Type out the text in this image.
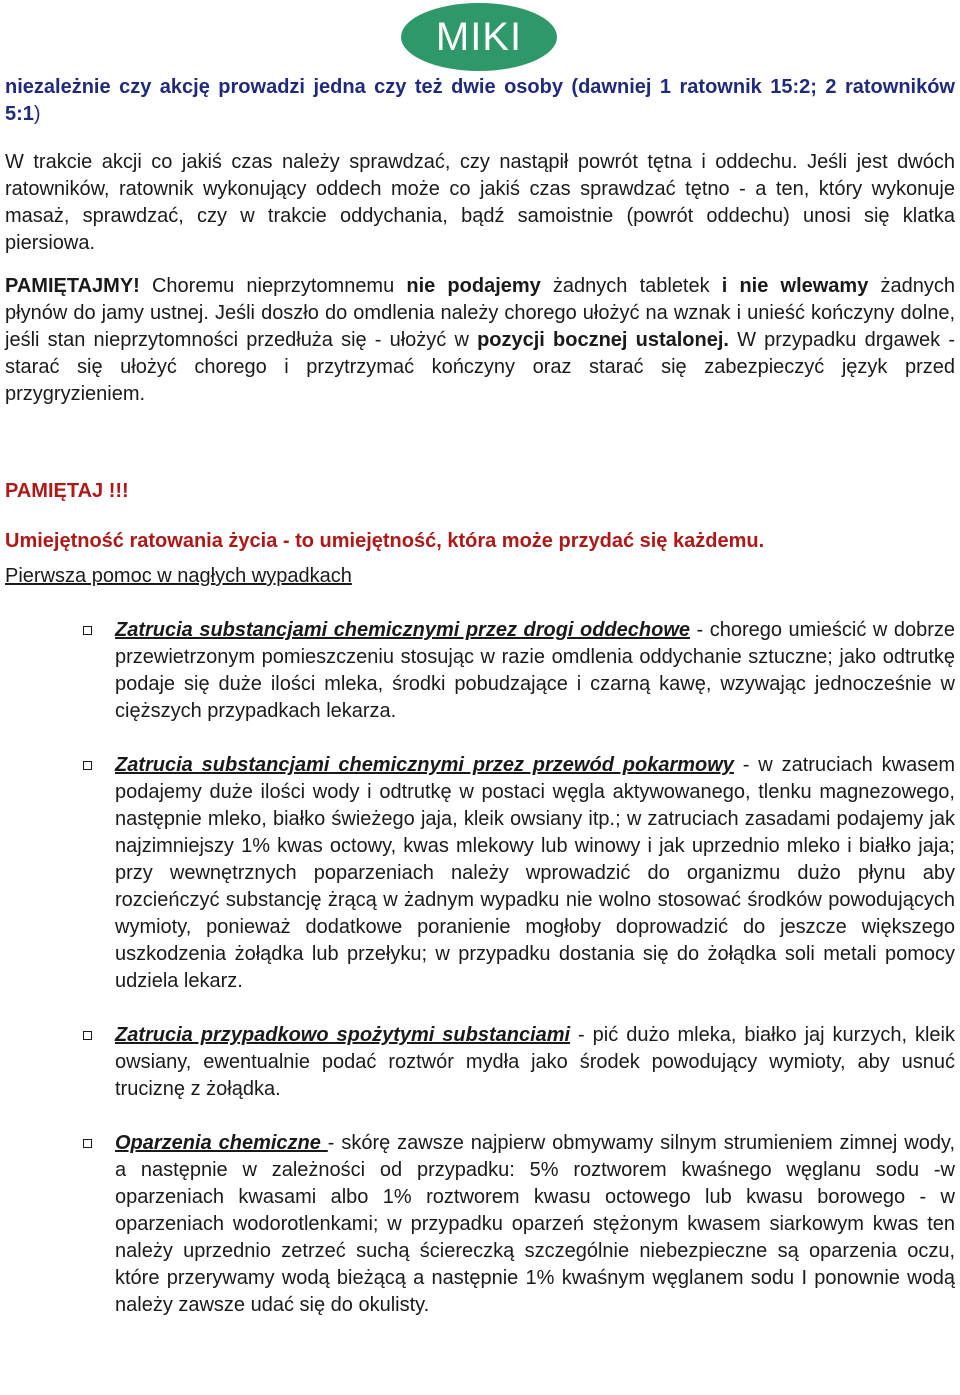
MIKI

niezależnie czy akcję prowadzi jedna czy też dwie osoby (dawniej 1 ratownik 15:2; 2 ratowników 5:1)

W trakcie akcji co jakiś czas należy sprawdzać, czy nastąpił powrót tętna i oddechu. Jeśli jest dwóch ratowników, ratownik wykonujący oddech może co jakiś czas sprawdzać tętno - a ten, który wykonuje masaż, sprawdzać, czy w trakcie oddychania, bądź samoistnie (powrót oddechu) unosi się klatka piersiowa.

PAMIĘTAJMY! Choremu nieprzytomnemu nie podajemy żadnych tabletek i nie wlewamy żadnych płynów do jamy ustnej. Jeśli doszło do omdlenia należy chorego ułożyć na wznak i unieść kończyny dolne, jeśli stan nieprzytomności przedłuża się - ułożyć w pozycji bocznej ustalonej. W przypadku drgawek - starać się ułożyć chorego i przytrzymać kończyny oraz starać się zabezpieczyć język przed przygryzieniem.

PAMIĘTAJ !!!

Umiejętność ratowania życia - to umiejętność, która może przydać się każdemu.

Pierwsza pomoc w nagłych wypadkach

Zatrucia substancjami chemicznymi przez drogi oddechowe - chorego umieścić w dobrze przewietrzonym pomieszczeniu stosując w razie omdlenia oddychanie sztuczne; jako odtrutkę podaje się duże ilości mleka, środki pobudzające i czarną kawę, wzywając jednocześnie w cięższych przypadkach lekarza.

Zatrucia substancjami chemicznymi przez przewód pokarmowy - w zatruciach kwasem podajemy duże ilości wody i odtrutkę w postaci węgla aktywowanego, tlenku magnezowego, następnie mleko, białko świeżego jaja, kleik owsiany itp.; w zatruciach zasadami podajemy jak najzimniejszy 1% kwas octowy, kwas mlekowy lub winowy i jak uprzednio mleko i białko jaja; przy wewnętrznych poparzeniach należy wprowadzić do organizmu dużo płynu aby rozcieńczyć substancję żrącą w żadnym wypadku nie wolno stosować środków powodujących wymioty, ponieważ dodatkowe poranienie mogłoby doprowadzić do jeszcze większego uszkodzenia żołądka lub przełyku; w przypadku dostania się do żołądka soli metali pomocy udziela lekarz.

Zatrucia przypadkowo spożytymi substanciami - pić dużo mleka, białko jaj kurzych, kleik owsiany, ewentualnie podać roztwór mydła jako środek powodujący wymioty, aby usnuć truciznę z żołądka.

Oparzenia chemiczne - skórę zawsze najpierw obmywamy silnym strumieniem zimnej wody, a następnie w zależności od przypadku: 5% roztworem kwaśnego węglanu sodu -w oparzeniach kwasami albo 1% roztworem kwasu octowego lub kwasu borowego - w oparzeniach wodorotlenkami; w przypadku oparzeń stężonym kwasem siarkowym kwas ten należy uprzednio zetrzeć suchą ściereczką szczególnie niebezpieczne są oparzenia oczu, które przerywamy wodą bieżącą a następnie 1% kwaśnym węglanem sodu I ponownie wodą należy zawsze udać się do okulisty.
